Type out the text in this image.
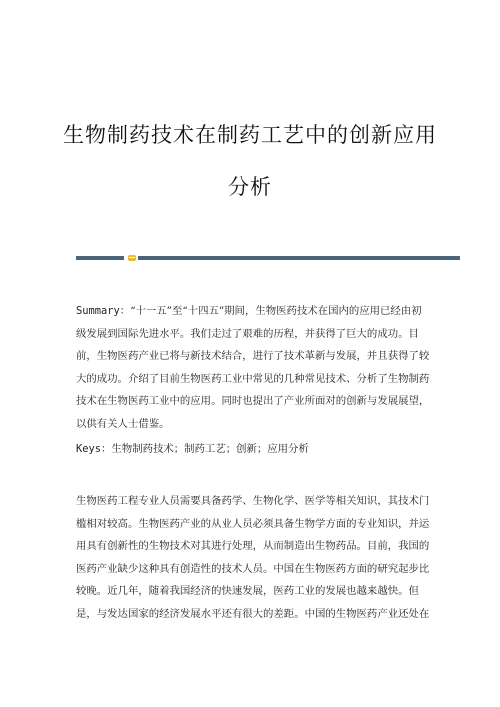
生物制药技术在制药工艺中的创新应用
分析
Summary：“十一五”至“十四五”期间，生物医药技术在国内的应用已经由初
级发展到国际先进水平。我们走过了艰难的历程，并获得了巨大的成功。目
前，生物医药产业已将与新技术结合，进行了技术革新与发展，并且获得了较
大的成功。介绍了目前生物医药工业中常见的几种常见技术、分析了生物制药
技术在生物医药工业中的应用。同时也提出了产业所面对的创新与发展展望，
以供有关人士借鉴。
Keys：生物制药技术；制药工艺；创新；应用分析
生物医药工程专业人员需要具备药学、生物化学、医学等相关知识，其技术门
槛相对较高。生物医药产业的从业人员必须具备生物学方面的专业知识，并运
用具有创新性的生物技术对其进行处理，从而制造出生物药品。目前，我国的
医药产业缺少这种具有创造性的技术人员。中国在生物医药方面的研究起步比
较晚。近几年，随着我国经济的快速发展，医药工业的发展也越来越快。但
是，与发达国家的经济发展水平还有很大的差距。中国的生物医药产业还处在
